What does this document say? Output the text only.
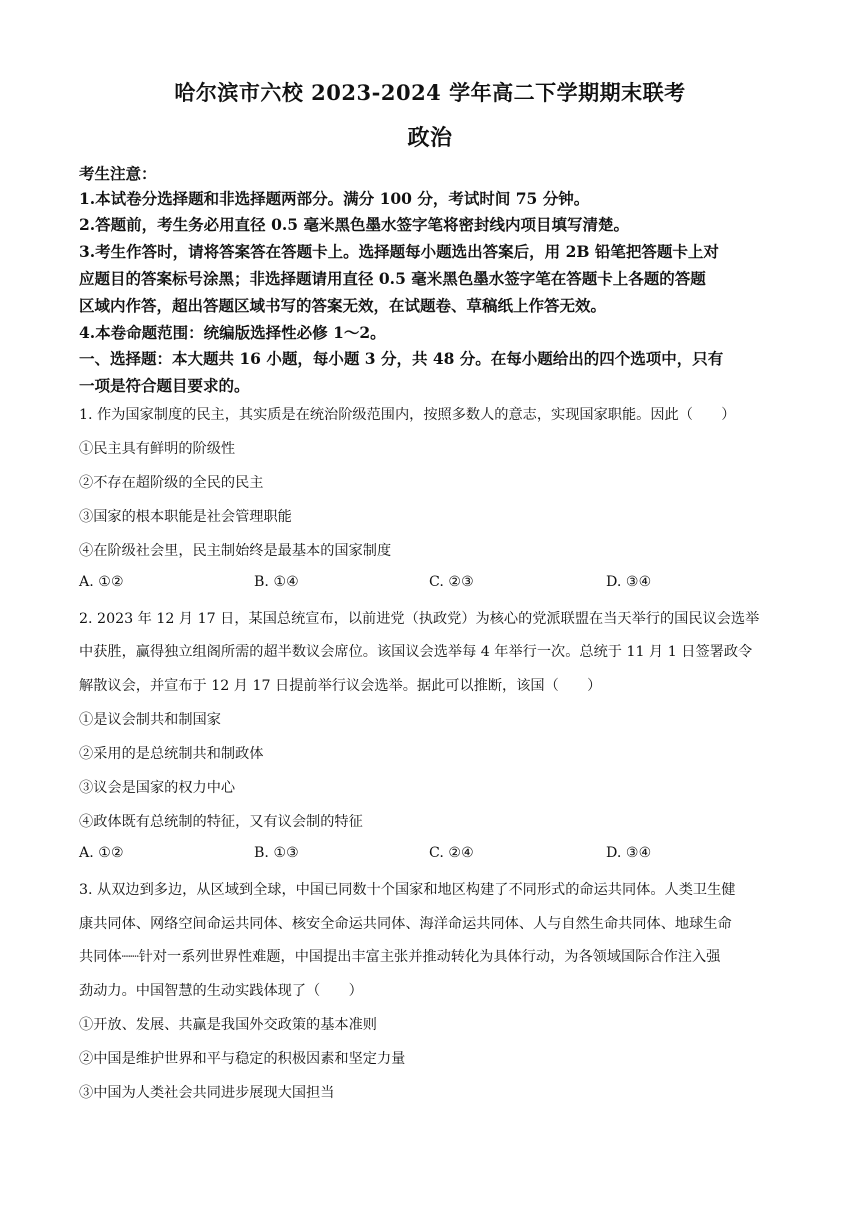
哈尔滨市六校 2023-2024 学年高二下学期期末联考
政治
考生注意：
1.本试卷分选择题和非选择题两部分。满分 100 分，考试时间 75 分钟。
2.答题前，考生务必用直径 0.5 毫米黑色墨水签字笔将密封线内项目填写清楚。
3.考生作答时，请将答案答在答题卡上。选择题每小题选出答案后，用 2B 铅笔把答题卡上对
应题目的答案标号涂黑；非选择题请用直径 0.5 毫米黑色墨水签字笔在答题卡上各题的答题
区域内作答，超出答题区域书写的答案无效，在试题卷、草稿纸上作答无效。
4.本卷命题范围：统编版选择性必修 1～2。
一、选择题：本大题共 16 小题，每小题 3 分，共 48 分。在每小题给出的四个选项中，只有
一项是符合题目要求的。
1. 作为国家制度的民主，其实质是在统治阶级范围内，按照多数人的意志，实现国家职能。因此（　　）
①民主具有鲜明的阶级性
②不存在超阶级的全民的民主
③国家的根本职能是社会管理职能
④在阶级社会里，民主制始终是最基本的国家制度
A. ①②	B. ①④	C. ②③	D. ③④
2. 2023 年 12 月 17 日，某国总统宣布，以前进党（执政党）为核心的党派联盟在当天举行的国民议会选举
中获胜，赢得独立组阁所需的超半数议会席位。该国议会选举每 4 年举行一次。总统于 11 月 1 日签署政令
解散议会，并宣布于 12 月 17 日提前举行议会选举。据此可以推断，该国（　　）
①是议会制共和制国家
②采用的是总统制共和制政体
③议会是国家的权力中心
④政体既有总统制的特征，又有议会制的特征
A. ①②	B. ①③	C. ②④	D. ③④
3. 从双边到多边，从区域到全球，中国已同数十个国家和地区构建了不同形式的命运共同体。人类卫生健
康共同体、网络空间命运共同体、核安全命运共同体、海洋命运共同体、人与自然生命共同体、地球生命
共同体┈┈针对一系列世界性难题，中国提出丰富主张并推动转化为具体行动，为各领域国际合作注入强
劲动力。中国智慧的生动实践体现了（　　）
①开放、发展、共赢是我国外交政策的基本准则
②中国是维护世界和平与稳定的积极因素和坚定力量
③中国为人类社会共同进步展现大国担当
